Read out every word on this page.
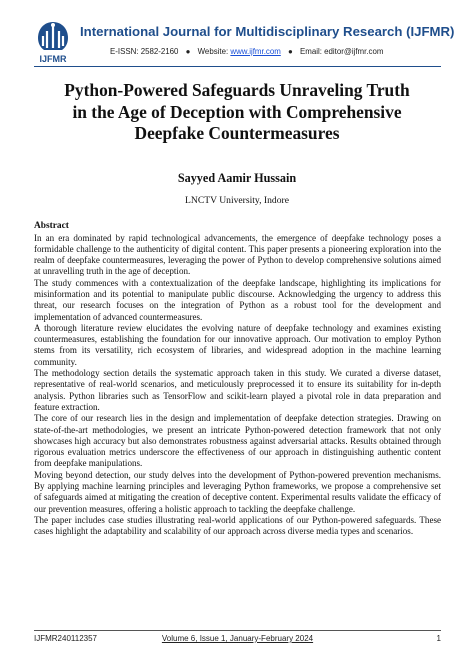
IJFMR
International Journal for Multidisciplinary Research (IJFMR)
E-ISSN: 2582-2160 ● Website: www.ijfmr.com ● Email: editor@ijfmr.com
Python-Powered Safeguards Unraveling Truth
in the Age of Deception with Comprehensive
Deepfake Countermeasures
Sayyed Aamir Hussain
LNCTV University, Indore
Abstract

In an era dominated by rapid technological advancements, the emergence of deepfake technology poses a formidable challenge to the authenticity of digital content. This paper presents a pioneering exploration into the realm of deepfake countermeasures, leveraging the power of Python to develop comprehensive solutions aimed at unravelling truth in the age of deception.

The study commences with a contextualization of the deepfake landscape, highlighting its implications for misinformation and its potential to manipulate public discourse. Acknowledging the urgency to address this threat, our research focuses on the integration of Python as a robust tool for the development and implementation of advanced countermeasures.

A thorough literature review elucidates the evolving nature of deepfake technology and examines existing countermeasures, establishing the foundation for our innovative approach. Our motivation to employ Python stems from its versatility, rich ecosystem of libraries, and widespread adoption in the machine learning community.

The methodology section details the systematic approach taken in this study. We curated a diverse dataset, representative of real-world scenarios, and meticulously preprocessed it to ensure its suitability for in-depth analysis. Python libraries such as TensorFlow and scikit-learn played a pivotal role in data preparation and feature extraction.

The core of our research lies in the design and implementation of deepfake detection strategies. Drawing on state-of-the-art methodologies, we present an intricate Python-powered detection framework that not only showcases high accuracy but also demonstrates robustness against adversarial attacks. Results obtained through rigorous evaluation metrics underscore the effectiveness of our approach in distinguishing authentic content from deepfake manipulations.

Moving beyond detection, our study delves into the development of Python-powered prevention mechanisms. By applying machine learning principles and leveraging Python frameworks, we propose a comprehensive set of safeguards aimed at mitigating the creation of deceptive content. Experimental results validate the efficacy of our prevention measures, offering a holistic approach to tackling the deepfake challenge.

The paper includes case studies illustrating real-world applications of our Python-powered safeguards. These cases highlight the adaptability and scalability of our approach across diverse media types and scenarios.

IJFMR240112357	Volume 6, Issue 1, January-February 2024	1
